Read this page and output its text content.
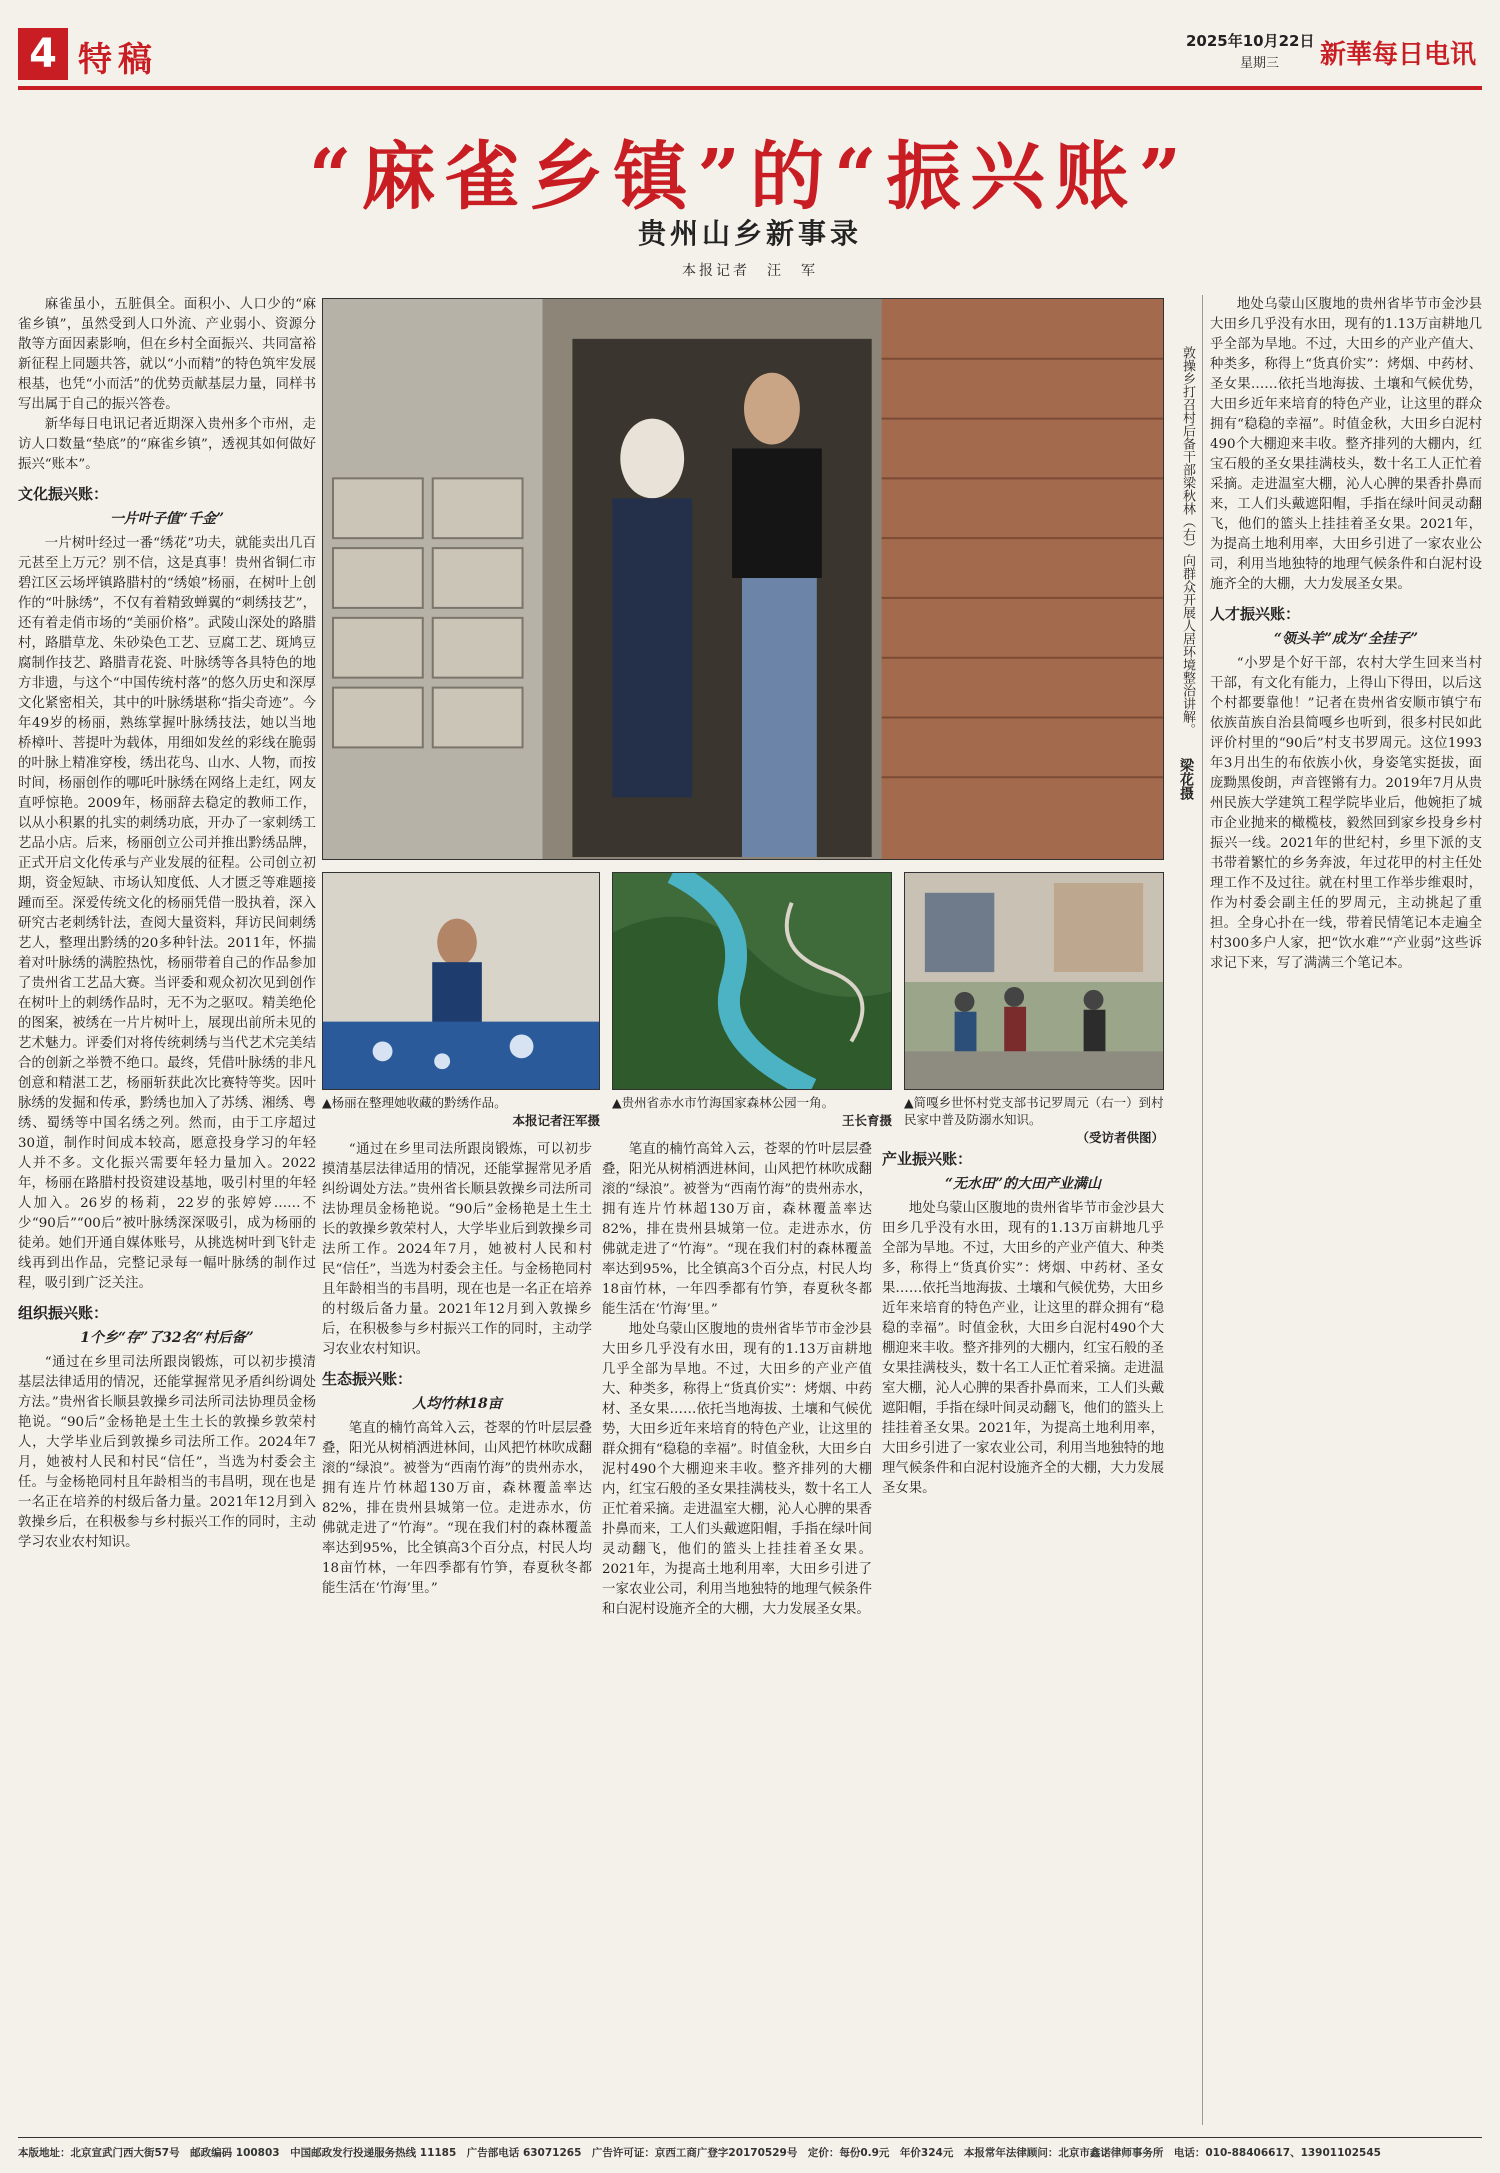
4 特稿	2025年10月22日
星期三 新華每日电讯
“麻雀乡镇”的“振兴账”
贵州山乡新事录
本报记者　汪　军

麻雀虽小，五脏俱全。面积小、人口少的“麻雀乡镇”，虽然受到人口外流、产业弱小、资源分散等方面因素影响，但在乡村全面振兴、共同富裕新征程上同题共答，就以“小而精”的特色筑牢发展根基，也凭“小而活”的优势贡献基层力量，同样书写出属于自己的振兴答卷。

新华每日电讯记者近期深入贵州多个市州，走访人口数量“垫底”的“麻雀乡镇”，透视其如何做好振兴“账本”。

文化振兴账：
一片叶子值“千金”

一片树叶经过一番“绣花”功夫，就能卖出几百元甚至上万元？别不信，这是真事！贵州省铜仁市碧江区云场坪镇路腊村的“绣娘”杨丽，在树叶上创作的“叶脉绣”，不仅有着精致蝉翼的“刺绣技艺”，还有着走俏市场的“美丽价格”。武陵山深处的路腊村，路腊草龙、朱砂染色工艺、豆腐工艺、斑鸠豆腐制作技艺、路腊青花瓷、叶脉绣等各具特色的地方非遗，与这个“中国传统村落”的悠久历史和深厚文化紧密相关，其中的叶脉绣堪称“指尖奇迹”。今年49岁的杨丽，熟练掌握叶脉绣技法，她以当地桥樟叶、菩提叶为载体，用细如发丝的彩线在脆弱的叶脉上精准穿梭，绣出花鸟、山水、人物，而按时间，杨丽创作的哪吒叶脉绣在网络上走红，网友直呼惊艳。2009年，杨丽辞去稳定的教师工作，以从小积累的扎实的刺绣功底，开办了一家刺绣工艺品小店。后来，杨丽创立公司并推出黔绣品牌，正式开启文化传承与产业发展的征程。公司创立初期，资金短缺、市场认知度低、人才匮乏等难题接踵而至。深爱传统文化的杨丽凭借一股执着，深入研究古老刺绣针法，查阅大量资料，拜访民间刺绣艺人，整理出黔绣的20多种针法。2011年，怀揣着对叶脉绣的满腔热忱，杨丽带着自己的作品参加了贵州省工艺品大赛。当评委和观众初次见到创作在树叶上的刺绣作品时，无不为之驱叹。精美绝伦的图案，被绣在一片片树叶上，展现出前所未见的艺术魅力。评委们对将传统刺绣与当代艺术完美结合的创新之举赞不绝口。最终，凭借叶脉绣的非凡创意和精湛工艺，杨丽斩获此次比赛特等奖。因叶脉绣的发掘和传承，黔绣也加入了苏绣、湘绣、粤绣、蜀绣等中国名绣之列。然而，由于工序超过30道，制作时间成本较高，愿意投身学习的年轻人并不多。文化振兴需要年轻力量加入。2022年，杨丽在路腊村投资建设基地，吸引村里的年轻人加入。26岁的杨莉，22岁的张婷婷……不少“90后”“00后”被叶脉绣深深吸引，成为杨丽的徒弟。她们开通自媒体账号，从挑选树叶到飞针走线再到出作品，完整记录每一幅叶脉绣的制作过程，吸引到广泛关注。

组织振兴账：
1个乡“存”了32名“村后备”

“通过在乡里司法所跟岗锻炼，可以初步摸清基层法律适用的情况，还能掌握常见矛盾纠纷调处方法。”贵州省长顺县敦操乡司法所司法协理员金杨艳说。“90后”金杨艳是土生土长的敦操乡敦荣村人，大学毕业后到敦操乡司法所工作。2024年7月，她被村人民和村民“信任”，当选为村委会主任。与金杨艳同村且年龄相当的韦昌明，现在也是一名正在培养的村级后备力量。2021年12月到入敦操乡后，在积极参与乡村振兴工作的同时，主动学习农业农村知识。

敦操乡打召村后备干部梁秋林（右）向群众开展人居环境整治讲解。
梁花摄
▲杨丽在整理她收藏的黔绣作品。
本报记者汪军摄
▲贵州省赤水市竹海国家森林公园一角。
王长育摄
▲简嘎乡世怀村党支部书记罗周元（右一）到村民家中普及防溺水知识。
（受访者供图）

“通过在乡里司法所跟岗锻炼，可以初步摸清基层法律适用的情况，还能掌握常见矛盾纠纷调处方法。”贵州省长顺县敦操乡司法所司法协理员金杨艳说。“90后”金杨艳是土生土长的敦操乡敦荣村人，大学毕业后到敦操乡司法所工作。2024年7月，她被村人民和村民“信任”，当选为村委会主任。与金杨艳同村且年龄相当的韦昌明，现在也是一名正在培养的村级后备力量。2021年12月到入敦操乡后，在积极参与乡村振兴工作的同时，主动学习农业农村知识。

生态振兴账：
人均竹林18亩

笔直的楠竹高耸入云，苍翠的竹叶层层叠叠，阳光从树梢洒进林间，山风把竹林吹成翻滚的“绿浪”。被誉为“西南竹海”的贵州赤水，拥有连片竹林超130万亩，森林覆盖率达82%，排在贵州县城第一位。走进赤水，仿佛就走进了“竹海”。“现在我们村的森林覆盖率达到95%，比全镇高3个百分点，村民人均18亩竹林，一年四季都有竹笋，春夏秋冬都能生活在‘竹海’里。”

笔直的楠竹高耸入云，苍翠的竹叶层层叠叠，阳光从树梢洒进林间，山风把竹林吹成翻滚的“绿浪”。被誉为“西南竹海”的贵州赤水，拥有连片竹林超130万亩，森林覆盖率达82%，排在贵州县城第一位。走进赤水，仿佛就走进了“竹海”。“现在我们村的森林覆盖率达到95%，比全镇高3个百分点，村民人均18亩竹林，一年四季都有竹笋，春夏秋冬都能生活在‘竹海’里。”

地处乌蒙山区腹地的贵州省毕节市金沙县大田乡几乎没有水田，现有的1.13万亩耕地几乎全部为旱地。不过，大田乡的产业产值大、种类多，称得上“货真价实”：烤烟、中药材、圣女果……依托当地海拔、土壤和气候优势，大田乡近年来培育的特色产业，让这里的群众拥有“稳稳的幸福”。时值金秋，大田乡白泥村490个大棚迎来丰收。整齐排列的大棚内，红宝石般的圣女果挂满枝头，数十名工人正忙着采摘。走进温室大棚，沁人心脾的果香扑鼻而来，工人们头戴遮阳帽，手指在绿叶间灵动翻飞，他们的篮头上挂挂着圣女果。2021年，为提高土地利用率，大田乡引进了一家农业公司，利用当地独特的地理气候条件和白泥村设施齐全的大棚，大力发展圣女果。

产业振兴账：
“无水田”的大田产业满山

地处乌蒙山区腹地的贵州省毕节市金沙县大田乡几乎没有水田，现有的1.13万亩耕地几乎全部为旱地。不过，大田乡的产业产值大、种类多，称得上“货真价实”：烤烟、中药材、圣女果……依托当地海拔、土壤和气候优势，大田乡近年来培育的特色产业，让这里的群众拥有“稳稳的幸福”。时值金秋，大田乡白泥村490个大棚迎来丰收。整齐排列的大棚内，红宝石般的圣女果挂满枝头，数十名工人正忙着采摘。走进温室大棚，沁人心脾的果香扑鼻而来，工人们头戴遮阳帽，手指在绿叶间灵动翻飞，他们的篮头上挂挂着圣女果。2021年，为提高土地利用率，大田乡引进了一家农业公司，利用当地独特的地理气候条件和白泥村设施齐全的大棚，大力发展圣女果。

地处乌蒙山区腹地的贵州省毕节市金沙县大田乡几乎没有水田，现有的1.13万亩耕地几乎全部为旱地。不过，大田乡的产业产值大、种类多，称得上“货真价实”：烤烟、中药材、圣女果……依托当地海拔、土壤和气候优势，大田乡近年来培育的特色产业，让这里的群众拥有“稳稳的幸福”。时值金秋，大田乡白泥村490个大棚迎来丰收。整齐排列的大棚内，红宝石般的圣女果挂满枝头，数十名工人正忙着采摘。走进温室大棚，沁人心脾的果香扑鼻而来，工人们头戴遮阳帽，手指在绿叶间灵动翻飞，他们的篮头上挂挂着圣女果。2021年，为提高土地利用率，大田乡引进了一家农业公司，利用当地独特的地理气候条件和白泥村设施齐全的大棚，大力发展圣女果。

人才振兴账：
“领头羊”成为“全挂子”

“小罗是个好干部，农村大学生回来当村干部，有文化有能力，上得山下得田，以后这个村都要靠他！”记者在贵州省安顺市镇宁布依族苗族自治县简嘎乡也听到，很多村民如此评价村里的“90后”村支书罗周元。这位1993年3月出生的布依族小伙，身姿笔实挺拔，面庞黝黑俊朗，声音铿锵有力。2019年7月从贵州民族大学建筑工程学院毕业后，他婉拒了城市企业抛来的橄榄枝，毅然回到家乡投身乡村振兴一线。2021年的世纪村，乡里下派的支书带着繁忙的乡务奔波，年过花甲的村主任处理工作不及过往。就在村里工作举步维艰时，作为村委会副主任的罗周元，主动挑起了重担。全身心扑在一线，带着民情笔记本走遍全村300多户人家，把“饮水难”“产业弱”这些诉求记下来，写了满满三个笔记本。

本版地址：北京宣武门西大街57号　邮政编码 100803　中国邮政发行投递服务热线 11185　广告部电话 63071265　广告许可证：京西工商广登字20170529号　定价：每份0.9元　年价324元　本报常年法律顾问：北京市鑫诺律师事务所　电话：010-88406617、13901102545
